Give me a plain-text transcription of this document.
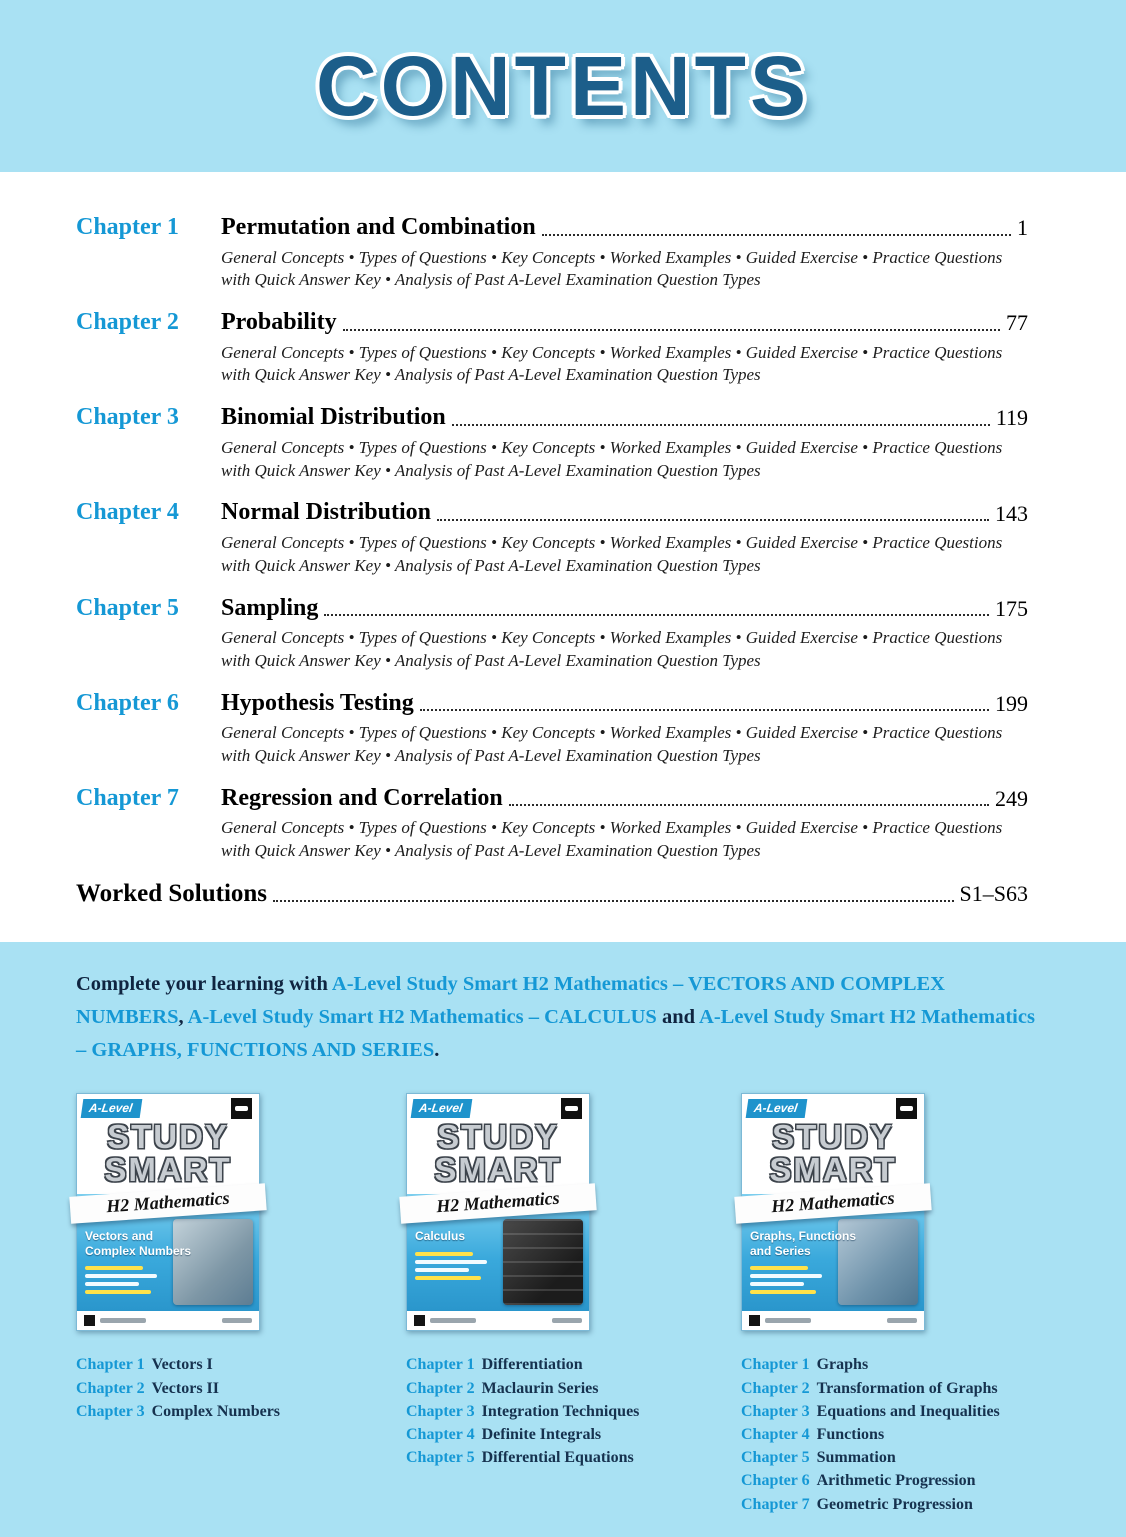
CONTENTS
Chapter 1	Permutation and Combination	1

General Concepts • Types of Questions • Key Concepts • Worked Examples • Guided Exercise • Practice Questions with Quick Answer Key • Analysis of Past A-Level Examination Question Types

Chapter 2	Probability	77

General Concepts • Types of Questions • Key Concepts • Worked Examples • Guided Exercise • Practice Questions with Quick Answer Key • Analysis of Past A-Level Examination Question Types

Chapter 3	Binomial Distribution	119

General Concepts • Types of Questions • Key Concepts • Worked Examples • Guided Exercise • Practice Questions with Quick Answer Key • Analysis of Past A-Level Examination Question Types

Chapter 4	Normal Distribution	143

General Concepts • Types of Questions • Key Concepts • Worked Examples • Guided Exercise • Practice Questions with Quick Answer Key • Analysis of Past A-Level Examination Question Types

Chapter 5	Sampling	175

General Concepts • Types of Questions • Key Concepts • Worked Examples • Guided Exercise • Practice Questions with Quick Answer Key • Analysis of Past A-Level Examination Question Types

Chapter 6	Hypothesis Testing	199

General Concepts • Types of Questions • Key Concepts • Worked Examples • Guided Exercise • Practice Questions with Quick Answer Key • Analysis of Past A-Level Examination Question Types

Chapter 7	Regression and Correlation	249

General Concepts • Types of Questions • Key Concepts • Worked Examples • Guided Exercise • Practice Questions with Quick Answer Key • Analysis of Past A-Level Examination Question Types

Worked Solutions	S1–S63

Complete your learning with A-Level Study Smart H2 Mathematics – VECTORS AND COMPLEX NUMBERS, A-Level Study Smart H2 Mathematics – CALCULUS and A-Level Study Smart H2 Mathematics – GRAPHS, FUNCTIONS AND SERIES.

A-Level
STUDY
SMART
H2 Mathematics
Vectors and Complex Numbers
Chapter 1 Vectors I
Chapter 2 Vectors II
Chapter 3 Complex Numbers
A-Level
STUDY
SMART
H2 Mathematics
Calculus
Chapter 1 Differentiation
Chapter 2 Maclaurin Series
Chapter 3 Integration Techniques
Chapter 4 Definite Integrals
Chapter 5 Differential Equations
A-Level
STUDY
SMART
H2 Mathematics
Graphs, Functions and Series
Chapter 1 Graphs
Chapter 2 Transformation of Graphs
Chapter 3 Equations and Inequalities
Chapter 4 Functions
Chapter 5 Summation
Chapter 6 Arithmetic Progression
Chapter 7 Geometric Progression
